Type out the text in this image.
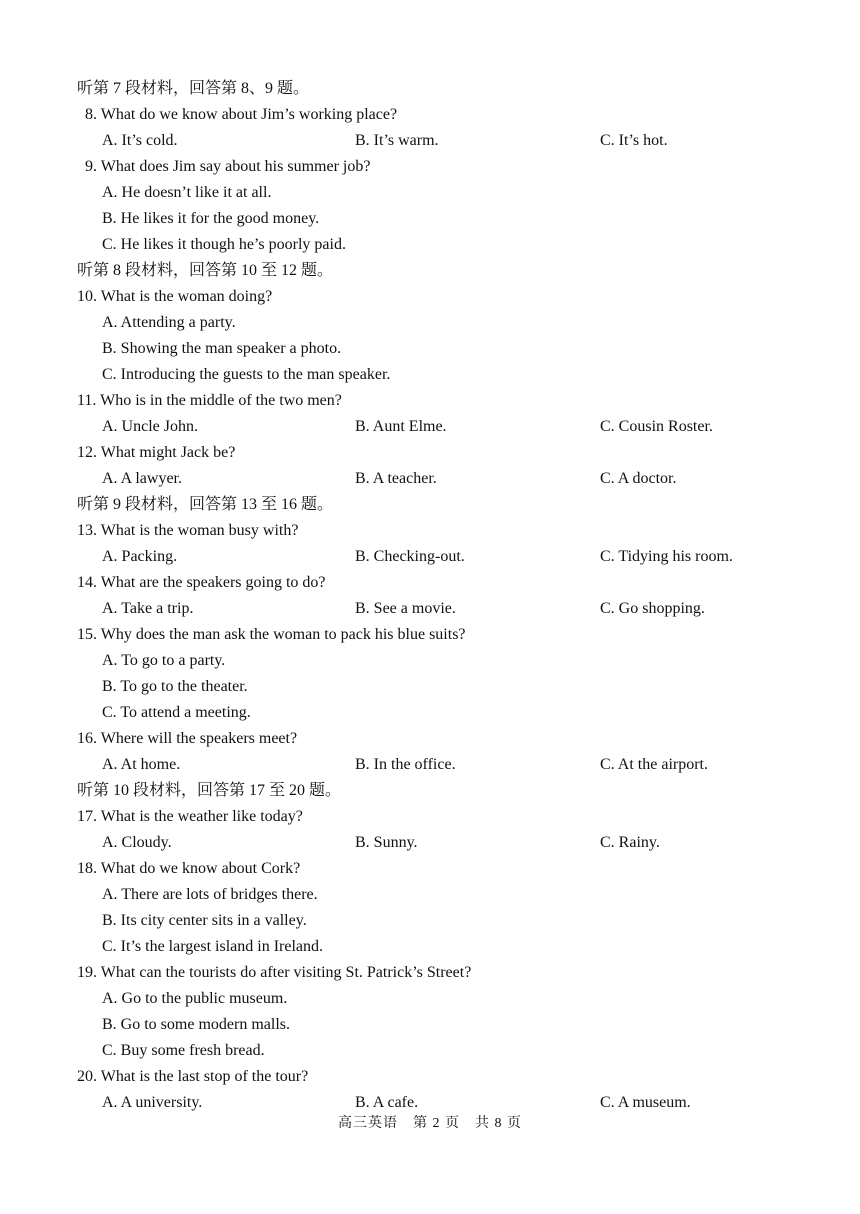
听第 7 段材料，回答第 8、9 题。
8. What do we know about Jim’s working place?
A. It’s cold.	B. It’s warm.	C. It’s hot.
9. What does Jim say about his summer job?
A. He doesn’t like it at all.
B. He likes it for the good money.
C. He likes it though he’s poorly paid.
听第 8 段材料，回答第 10 至 12 题。
10. What is the woman doing?
A. Attending a party.
B. Showing the man speaker a photo.
C. Introducing the guests to the man speaker.
11. Who is in the middle of the two men?
A. Uncle John.	B. Aunt Elme.	C. Cousin Roster.
12. What might Jack be?
A. A lawyer.	B. A teacher.	C. A doctor.
听第 9 段材料，回答第 13 至 16 题。
13. What is the woman busy with?
A. Packing.	B. Checking-out.	C. Tidying his room.
14. What are the speakers going to do?
A. Take a trip.	B. See a movie.	C. Go shopping.
15. Why does the man ask the woman to pack his blue suits?
A. To go to a party.
B. To go to the theater.
C. To attend a meeting.
16. Where will the speakers meet?
A. At home.	B. In the office.	C. At the airport.
听第 10 段材料，回答第 17 至 20 题。
17. What is the weather like today?
A. Cloudy.	B. Sunny.	C. Rainy.
18. What do we know about Cork?
A. There are lots of bridges there.
B. Its city center sits in a valley.
C. It’s the largest island in Ireland.
19. What can the tourists do after visiting St. Patrick’s Street?
A. Go to the public museum.
B. Go to some modern malls.
C. Buy some fresh bread.
20. What is the last stop of the tour?
A. A university.	B. A cafe.	C. A museum.
高三英语　第 2 页　共 8 页
